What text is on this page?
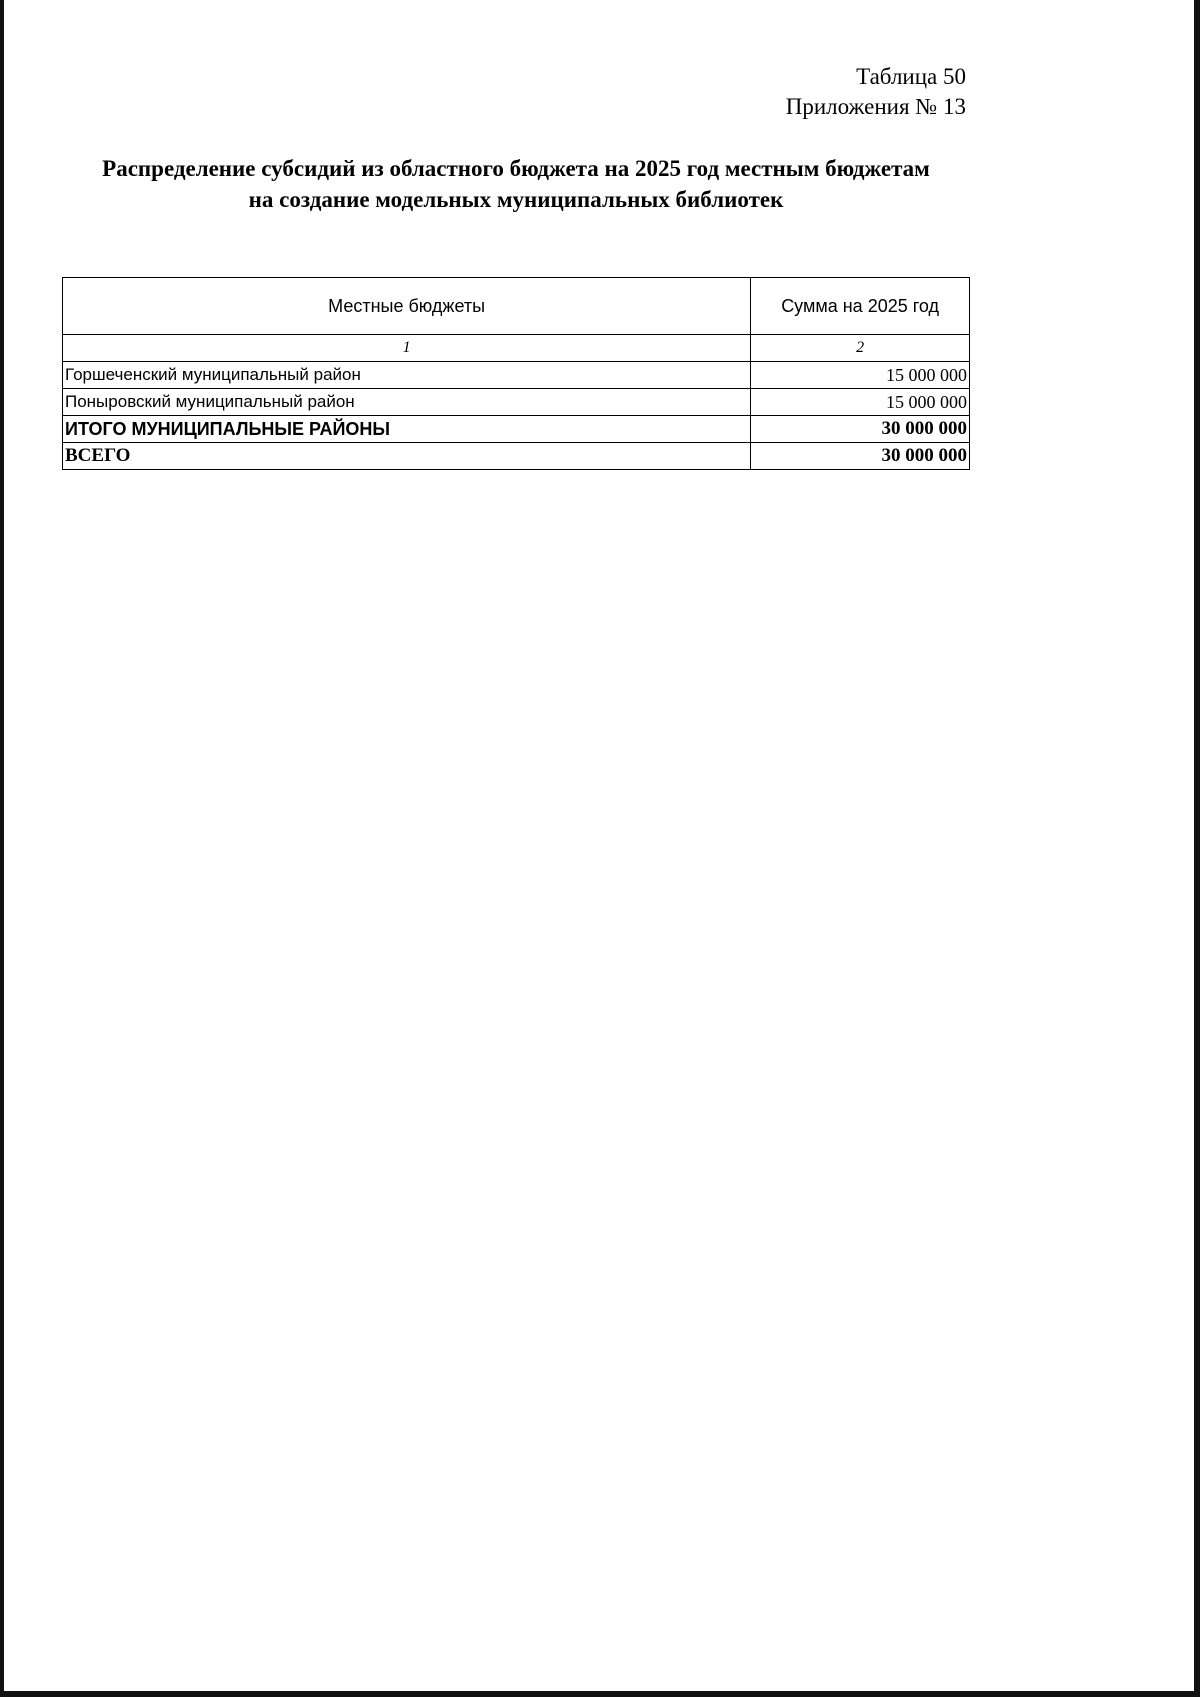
Таблица 50
Приложения № 13
Распределение субсидий из областного бюджета на 2025 год местным бюджетам
на создание модельных муниципальных библиотек
Местные бюджеты	Сумма на 2025 год
1	2
Горшеченский муниципальный район	15 000 000
Поныровский муниципальный район	15 000 000
ИТОГО МУНИЦИПАЛЬНЫЕ РАЙОНЫ	30 000 000
ВСЕГО	30 000 000
